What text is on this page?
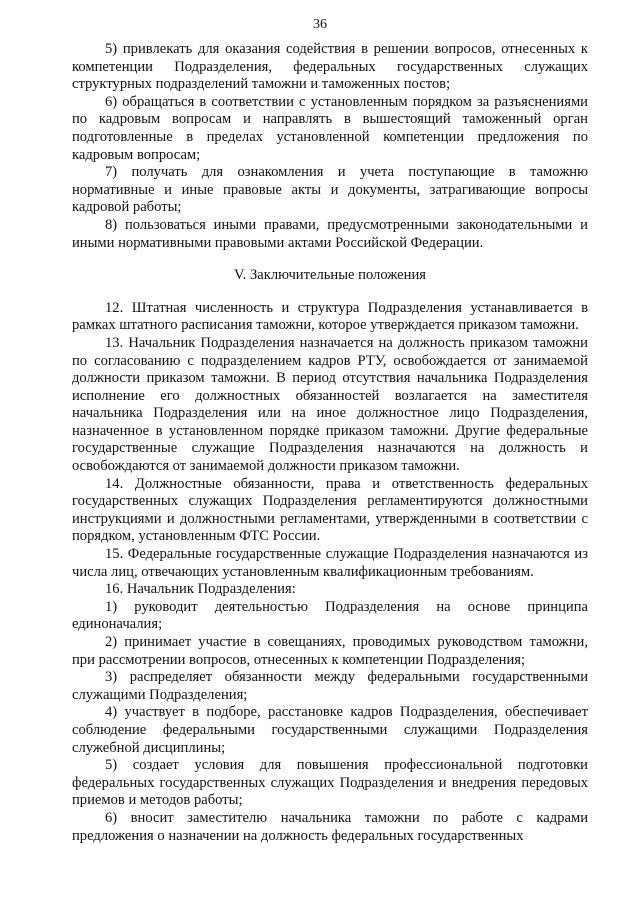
36

5) привлекать для оказания содействия в решении вопросов, отнесенных к компетенции Подразделения, федеральных государственных служащих структурных подразделений таможни и таможенных постов;

6) обращаться в соответствии с установленным порядком за разъяснениями по кадровым вопросам и направлять в вышестоящий таможенный орган подготовленные в пределах установленной компетенции предложения по кадровым вопросам;

7) получать для ознакомления и учета поступающие в таможню нормативные и иные правовые акты и документы, затрагивающие вопросы кадровой работы;

8) пользоваться иными правами, предусмотренными законодательными и иными нормативными правовыми актами Российской Федерации.

V. Заключительные положения

12. Штатная численность и структура Подразделения устанавливается в рамках штатного расписания таможни, которое утверждается приказом таможни.

13. Начальник Подразделения назначается на должность приказом таможни по согласованию с подразделением кадров РТУ, освобождается от занимаемой должности приказом таможни. В период отсутствия начальника Подразделения исполнение его должностных обязанностей возлагается на заместителя начальника Подразделения или на иное должностное лицо Подразделения, назначенное в установленном порядке приказом таможни. Другие федеральные государственные служащие Подразделения назначаются на должность и освобождаются от занимаемой должности приказом таможни.

14. Должностные обязанности, права и ответственность федеральных государственных служащих Подразделения регламентируются должностными инструкциями и должностными регламентами, утвержденными в соответствии с порядком, установленным ФТС России.

15. Федеральные государственные служащие Подразделения назначаются из числа лиц, отвечающих установленным квалификационным требованиям.

16. Начальник Подразделения:

1) руководит деятельностью Подразделения на основе принципа единоначалия;

2) принимает участие в совещаниях, проводимых руководством таможни, при рассмотрении вопросов, отнесенных к компетенции Подразделения;

3) распределяет обязанности между федеральными государственными служащими Подразделения;

4) участвует в подборе, расстановке кадров Подразделения, обеспечивает соблюдение федеральными государственными служащими Подразделения служебной дисциплины;

5) создает условия для повышения профессиональной подготовки федеральных государственных служащих Подразделения и внедрения передовых приемов и методов работы;

6) вносит заместителю начальника таможни по работе с кадрами предложения о назначении на должность федеральных государственных
